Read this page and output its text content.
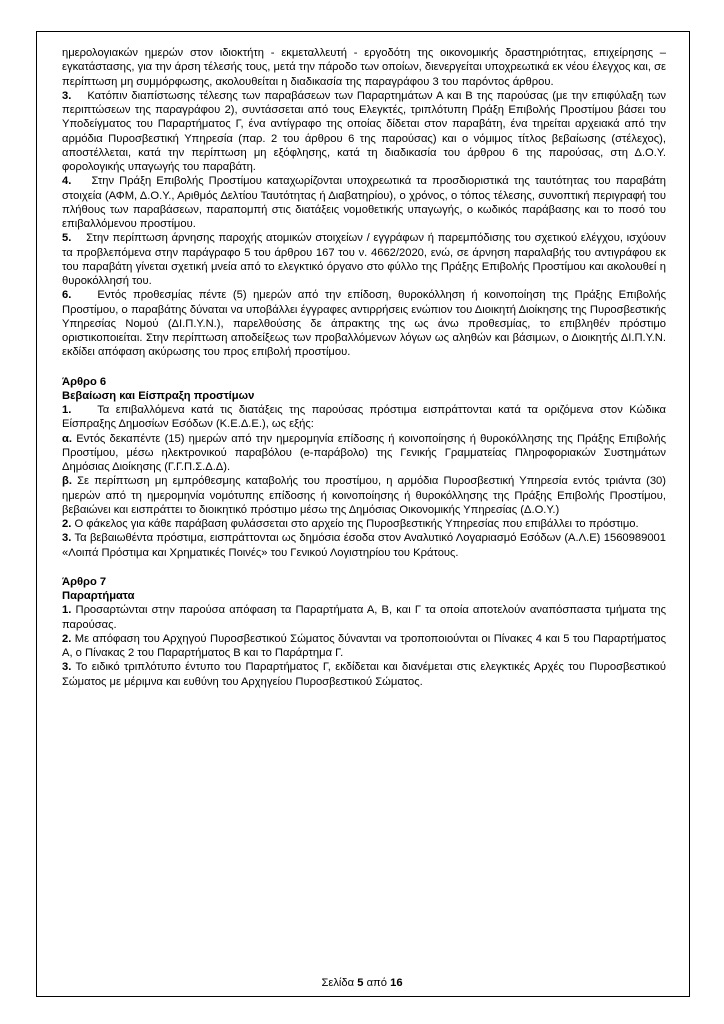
ημερολογιακών ημερών στον ιδιοκτήτη - εκμεταλλευτή - εργοδότη της οικονομικής δραστηριότητας, επιχείρησης – εγκατάστασης, για την άρση τέλεσής τους, μετά την πάροδο των οποίων, διενεργείται υποχρεωτικά εκ νέου έλεγχος και, σε περίπτωση μη συμμόρφωσης, ακολουθείται η διαδικασία της παραγράφου 3 του παρόντος άρθρου.

3. Κατόπιν διαπίστωσης τέλεσης των παραβάσεων των Παραρτημάτων Α και Β της παρούσας (με την επιφύλαξη των περιπτώσεων της παραγράφου 2), συντάσσεται από τους Ελεγκτές, τριπλότυπη Πράξη Επιβολής Προστίμου βάσει του Υποδείγματος του Παραρτήματος Γ, ένα αντίγραφο της οποίας δίδεται στον παραβάτη, ένα τηρείται αρχειακά από την αρμόδια Πυροσβεστική Υπηρεσία (παρ. 2 του άρθρου 6 της παρούσας) και ο νόμιμος τίτλος βεβαίωσης (στέλεχος), αποστέλλεται, κατά την περίπτωση μη εξόφλησης, κατά τη διαδικασία του άρθρου 6 της παρούσας, στη Δ.Ο.Υ. φορολογικής υπαγωγής του παραβάτη.

4. Στην Πράξη Επιβολής Προστίμου καταχωρίζονται υποχρεωτικά τα προσδιοριστικά της ταυτότητας του παραβάτη στοιχεία (ΑΦΜ, Δ.Ο.Υ., Αριθμός Δελτίου Ταυτότητας ή Διαβατηρίου), ο χρόνος, ο τόπος τέλεσης, συνοπτική περιγραφή του πλήθους των παραβάσεων, παραπομπή στις διατάξεις νομοθετικής υπαγωγής, ο κωδικός παράβασης και το ποσό του επιβαλλόμενου προστίμου.

5. Στην περίπτωση άρνησης παροχής ατομικών στοιχείων / εγγράφων ή παρεμπόδισης του σχετικού ελέγχου, ισχύουν τα προβλεπόμενα στην παράγραφο 5 του άρθρου 167 του ν. 4662/2020, ενώ, σε άρνηση παραλαβής του αντιγράφου εκ του παραβάτη γίνεται σχετική μνεία από το ελεγκτικό όργανο στο φύλλο της Πράξης Επιβολής Προστίμου και ακολουθεί η θυροκόλλησή του.

6. Εντός προθεσμίας πέντε (5) ημερών από την επίδοση, θυροκόλληση ή κοινοποίηση της Πράξης Επιβολής Προστίμου, ο παραβάτης δύναται να υποβάλλει έγγραφες αντιρρήσεις ενώπιον του Διοικητή Διοίκησης της Πυροσβεστικής Υπηρεσίας Νομού (ΔΙ.Π.Υ.Ν.), παρελθούσης δε άπρακτης της ως άνω προθεσμίας, το επιβληθέν πρόστιμο οριστικοποιείται. Στην περίπτωση αποδείξεως των προβαλλόμενων λόγων ως αληθών και βάσιμων, ο Διοικητής ΔΙ.Π.Υ.Ν. εκδίδει απόφαση ακύρωσης του προς επιβολή προστίμου.

Άρθρο 6

Βεβαίωση και Είσπραξη προστίμων

1. Τα επιβαλλόμενα κατά τις διατάξεις της παρούσας πρόστιμα εισπράττονται κατά τα οριζόμενα στον Κώδικα Είσπραξης Δημοσίων Εσόδων (Κ.Ε.Δ.Ε.), ως εξής:

α. Εντός δεκαπέντε (15) ημερών από την ημερομηνία επίδοσης ή κοινοποίησης ή θυροκόλλησης της Πράξης Επιβολής Προστίμου, μέσω ηλεκτρονικού παραβόλου (e-παράβολο) της Γενικής Γραμματείας Πληροφοριακών Συστημάτων Δημόσιας Διοίκησης (Γ.Γ.Π.Σ.Δ.Δ).

β. Σε περίπτωση μη εμπρόθεσμης καταβολής του προστίμου, η αρμόδια Πυροσβεστική Υπηρεσία εντός τριάντα (30) ημερών από τη ημερομηνία νομότυπης επίδοσης ή κοινοποίησης ή θυροκόλλησης της Πράξης Επιβολής Προστίμου, βεβαιώνει και εισπράττει το διοικητικό πρόστιμο μέσω της Δημόσιας Οικονομικής Υπηρεσίας (Δ.Ο.Υ.)

2. Ο φάκελος για κάθε παράβαση φυλάσσεται στο αρχείο της Πυροσβεστικής Υπηρεσίας που επιβάλλει το πρόστιμο.

3. Τα βεβαιωθέντα πρόστιμα, εισπράττονται ως δημόσια έσοδα στον Αναλυτικό Λογαριασμό Εσόδων (Α.Λ.Ε) 1560989001 «Λοιπά Πρόστιμα και Χρηματικές Ποινές» του Γενικού Λογιστηρίου του Κράτους.

Άρθρο 7

Παραρτήματα

1. Προσαρτώνται στην παρούσα απόφαση τα Παραρτήματα Α, Β, και Γ τα οποία αποτελούν αναπόσπαστα τμήματα της παρούσας.

2. Με απόφαση του Αρχηγού Πυροσβεστικού Σώματος δύνανται να τροποποιούνται οι Πίνακες 4 και 5 του Παραρτήματος Α, ο Πίνακας 2 του Παραρτήματος Β και το Παράρτημα Γ.

3. Το ειδικό τριπλότυπο έντυπο του Παραρτήματος Γ, εκδίδεται και διανέμεται στις ελεγκτικές Αρχές του Πυροσβεστικού Σώματος με μέριμνα και ευθύνη του Αρχηγείου Πυροσβεστικού Σώματος.

Σελίδα 5 από 16
